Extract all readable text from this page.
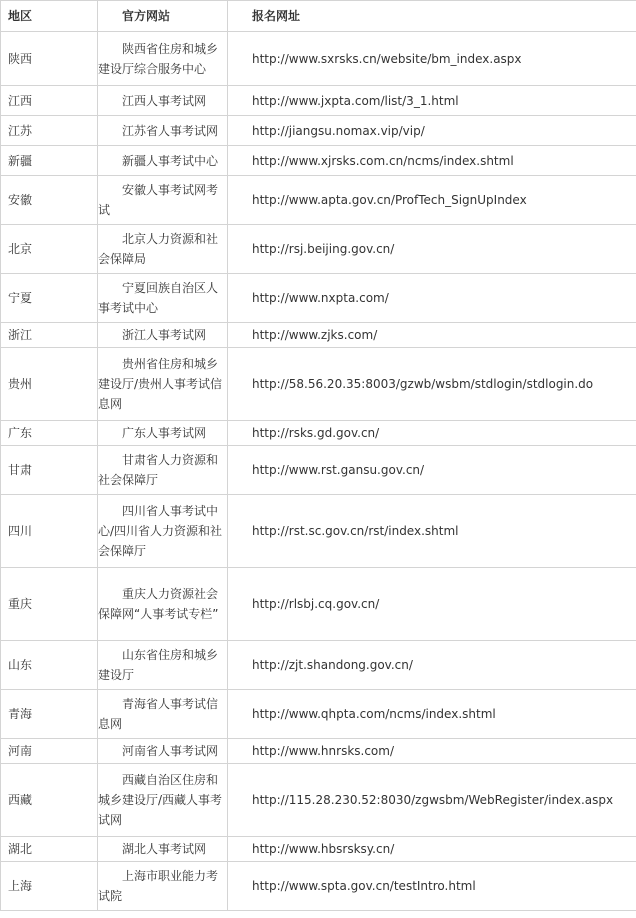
地区	官方网站	报名网址
陕西	陕西省住房和城乡建设厅综合服务中心	http://www.sxrsks.cn/website/bm_index.aspx
江西	江西人事考试网	http://www.jxpta.com/list/3_1.html
江苏	江苏省人事考试网	http://jiangsu.nomax.vip/vip/
新疆	新疆人事考试中心	http://www.xjrsks.com.cn/ncms/index.shtml
安徽	安徽人事考试网考试	http://www.apta.gov.cn/ProfTech_SignUpIndex
北京	北京人力资源和社会保障局	http://rsj.beijing.gov.cn/
宁夏	宁夏回族自治区人事考试中心	http://www.nxpta.com/
浙江	浙江人事考试网	http://www.zjks.com/
贵州	贵州省住房和城乡建设厅/贵州人事考试信息网	http://58.56.20.35:8003/gzwb/wsbm/stdlogin/stdlogin.do
广东	广东人事考试网	http://rsks.gd.gov.cn/
甘肃	甘肃省人力资源和社会保障厅	http://www.rst.gansu.gov.cn/
四川	四川省人事考试中心/四川省人力资源和社会保障厅	http://rst.sc.gov.cn/rst/index.shtml
重庆	重庆人力资源社会保障网“人事考试专栏”	http://rlsbj.cq.gov.cn/
山东	山东省住房和城乡建设厅	http://zjt.shandong.gov.cn/
青海	青海省人事考试信息网	http://www.qhpta.com/ncms/index.shtml
河南	河南省人事考试网	http://www.hnrsks.com/
西藏	西藏自治区住房和城乡建设厅/西藏人事考试网	http://115.28.230.52:8030/zgwsbm/WebRegister/index.aspx
湖北	湖北人事考试网	http://www.hbsrsksy.cn/
上海	上海市职业能力考试院	http://www.spta.gov.cn/testIntro.html
